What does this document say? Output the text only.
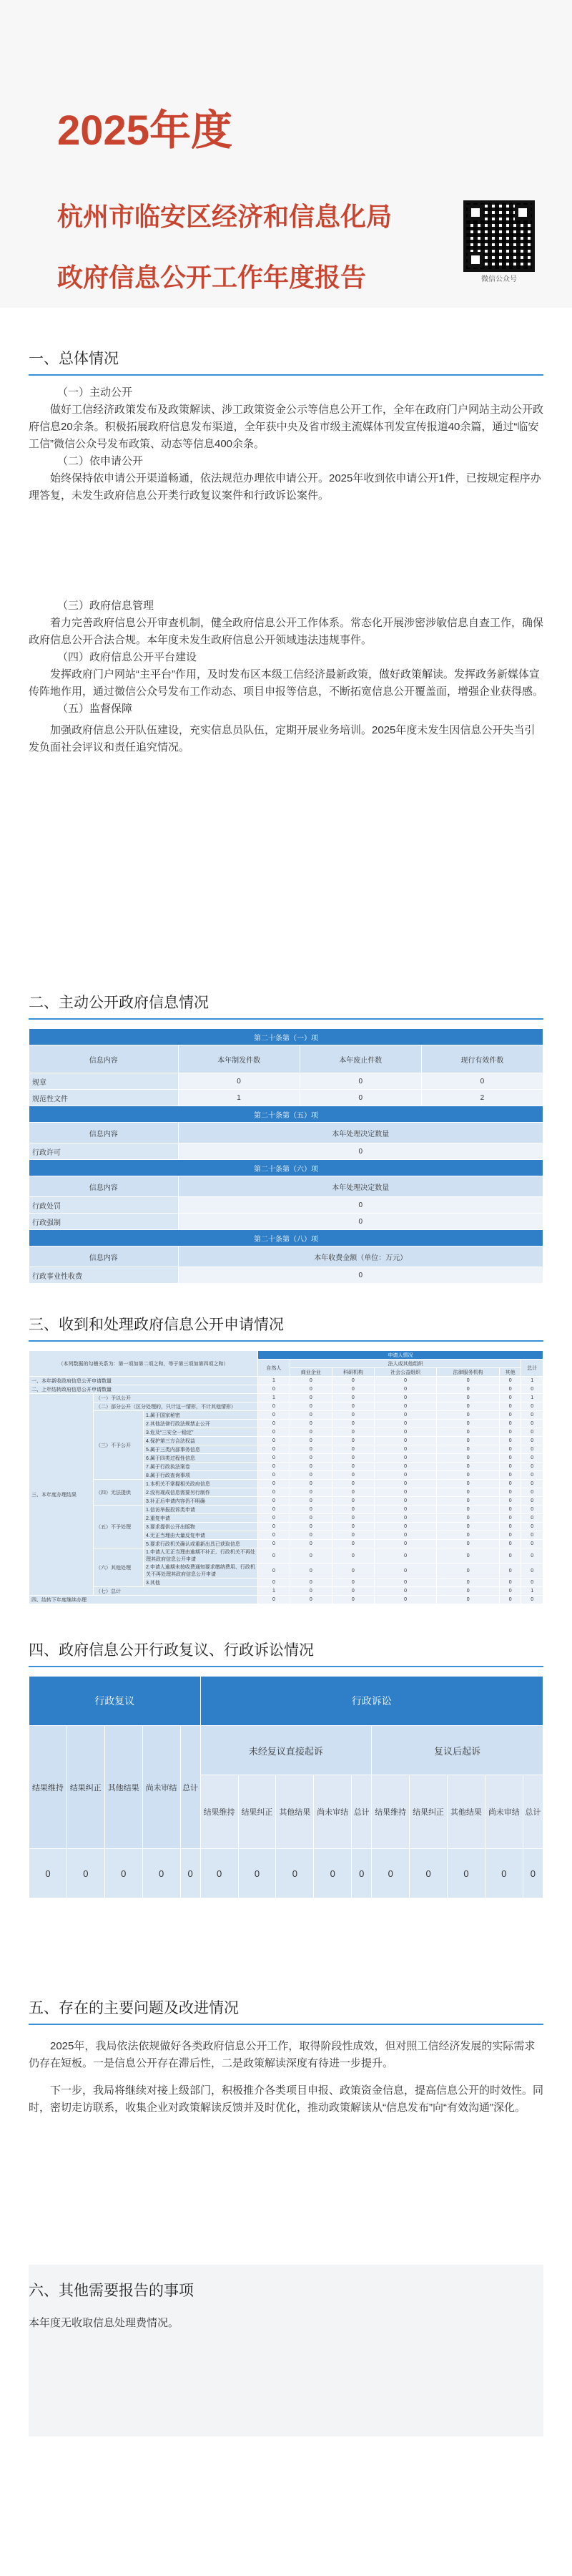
2025年度
杭州市临安区经济和信息化局
政府信息公开工作年度报告	微信公众号
一、总体情况

（一）主动公开

做好工信经济政策发布及政策解读、涉工政策资金公示等信息公开工作，全年在政府门户网站主动公开政府信息20余条。积极拓展政府信息发布渠道，全年获中央及省市级主流媒体刊发宣传报道40余篇，通过“临安工信”微信公众号发布政策、动态等信息400余条。

（二）依申请公开

始终保持依申请公开渠道畅通，依法规范办理依申请公开。2025年收到依申请公开1件，已按规定程序办理答复，未发生政府信息公开类行政复议案件和行政诉讼案件。

（三）政府信息管理

着力完善政府信息公开审查机制，健全政府信息公开工作体系。常态化开展涉密涉敏信息自查工作，确保政府信息公开合法合规。本年度未发生政府信息公开领域违法违规事件。

（四）政府信息公开平台建设

发挥政府门户网站“主平台”作用，及时发布区本级工信经济最新政策，做好政策解读。发挥政务新媒体宣传阵地作用，通过微信公众号发布工作动态、项目申报等信息，不断拓宽信息公开覆盖面，增强企业获得感。

（五）监督保障

加强政府信息公开队伍建设，充实信息员队伍，定期开展业务培训。2025年度未发生因信息公开失当引发负面社会评议和责任追究情况。

二、主动公开政府信息情况
第二十条第（一）项			
信息内容	本年制发件数	本年废止件数	现行有效件数
规章	0	0	0
规范性文件	1	0	2
第二十条第（五）项			
信息内容	本年处理决定数量		
行政许可	0		
第二十条第（六）项			
信息内容	本年处理决定数量		
行政处罚	0		
行政强制	0		
第二十条第（八）项			
信息内容	本年收费金额（单位：万元）		
行政事业性收费	0		
三、收到和处理政府信息公开申请情况
（本列数据的勾稽关系为：第一项加第二项之和，等于第三项加第四项之和）			申请人情况						
			自然人	法人或其他组织					总计
				商业企业	科研机构	社会公益组织	法律服务机构	其他	
一、本年新收政府信息公开申请数量			1	0	0	0	0	0	1
二、上年结转政府信息公开申请数量			0	0	0	0	0	0	0
三、本年度办理结果	（一）予以公开		1	0	0	0	0	0	1
	（二）部分公开（区分处理的，只计这一情形，不计其他情形）		0	0	0	0	0	0	0
	（三）不予公开	1.属于国家秘密	0	0	0	0	0	0	0
		2.其他法律行政法规禁止公开	0	0	0	0	0	0	0
		3.危及“三安全一稳定”	0	0	0	0	0	0	0
		4.保护第三方合法权益	0	0	0	0	0	0	0
		5.属于三类内部事务信息	0	0	0	0	0	0	0
		6.属于四类过程性信息	0	0	0	0	0	0	0
		7.属于行政执法案卷	0	0	0	0	0	0	0
		8.属于行政查询事项	0	0	0	0	0	0	0
	（四）无法提供	1.本机关不掌握相关政府信息	0	0	0	0	0	0	0
		2.没有现成信息需要另行制作	0	0	0	0	0	0	0
		3.补正后申请内容仍不明确	0	0	0	0	0	0	0
	（五）不予处理	1.信访举报投诉类申请	0	0	0	0	0	0	0
		2.重复申请	0	0	0	0	0	0	0
		3.要求提供公开出版物	0	0	0	0	0	0	0
		4.无正当理由大量反复申请	0	0	0	0	0	0	0
		5.要求行政机关确认或重新出具已获取信息	0	0	0	0	0	0	0
	（六）其他处理	1.申请人无正当理由逾期不补正、行政机关不再处理其政府信息公开申请	0	0	0	0	0	0	0
		2.申请人逾期未按收费通知要求缴纳费用、行政机关不再处理其政府信息公开申请	0	0	0	0	0	0	0
		3.其他	0	0	0	0	0	0	0
	（七）总计		1	0	0	0	0	0	1
四、结转下年度继续办理			0	0	0	0	0	0	0
四、政府信息公开行政复议、行政诉讼情况
行政复议					行政诉讼									
结果维持	结果纠正	其他结果	尚未审结	总计	未经复议直接起诉					复议后起诉				
					结果维持	结果纠正	其他结果	尚未审结	总计	结果维持	结果纠正	其他结果	尚未审结	总计
0	0	0	0	0	0	0	0	0	0	0	0	0	0	0
五、存在的主要问题及改进情况

2025年，我局依法依规做好各类政府信息公开工作，取得阶段性成效，但对照工信经济发展的实际需求仍存在短板。一是信息公开存在滞后性，二是政策解读深度有待进一步提升。

下一步，我局将继续对接上级部门，积极推介各类项目申报、政策资金信息，提高信息公开的时效性。同时，密切走访联系，收集企业对政策解读反馈并及时优化，推动政策解读从“信息发布”向“有效沟通”深化。

六、其他需要报告的事项

本年度无收取信息处理费情况。
